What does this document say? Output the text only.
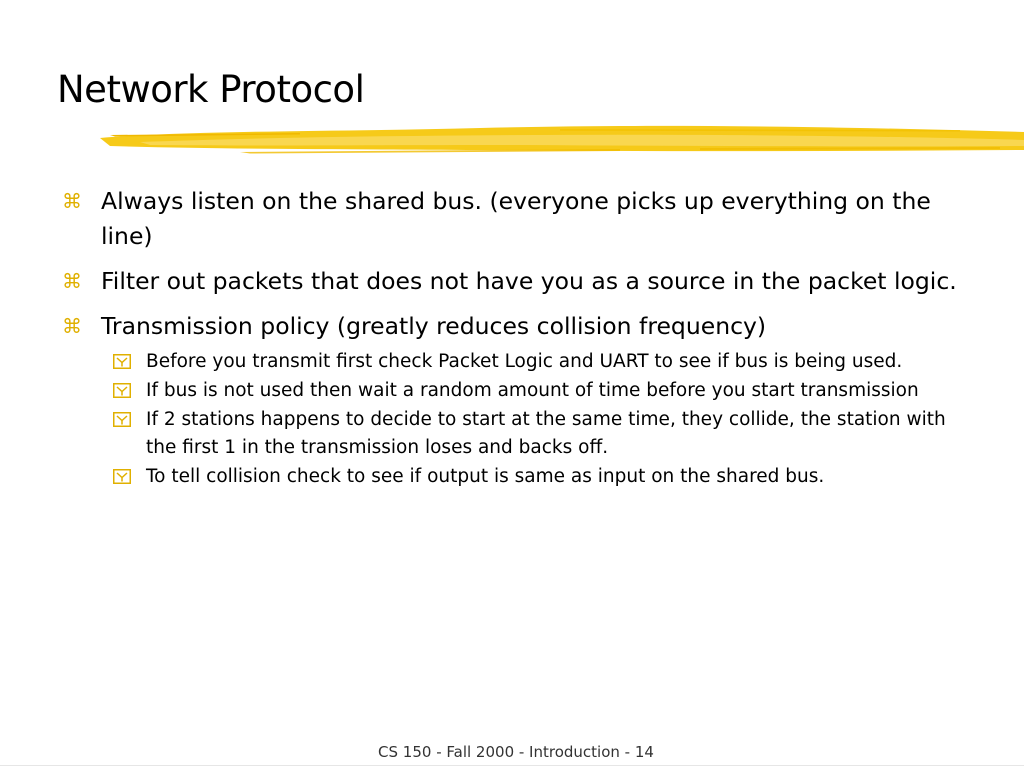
Network Protocol
⌘ Always listen on the shared bus. (everyone picks up everything on the line)
⌘ Filter out packets that does not have you as a source in the packet logic.
⌘ Transmission policy (greatly reduces collision frequency)
Before you transmit first check Packet Logic and UART to see if bus is being used.
If bus is not used then wait a random amount of time before you start transmission
If 2 stations happens to decide to start at the same time, they collide, the station with the first 1 in the transmission loses and backs off.
To tell collision check to see if output is same as input on the shared bus.
CS 150 - Fall 2000 - Introduction - 14
